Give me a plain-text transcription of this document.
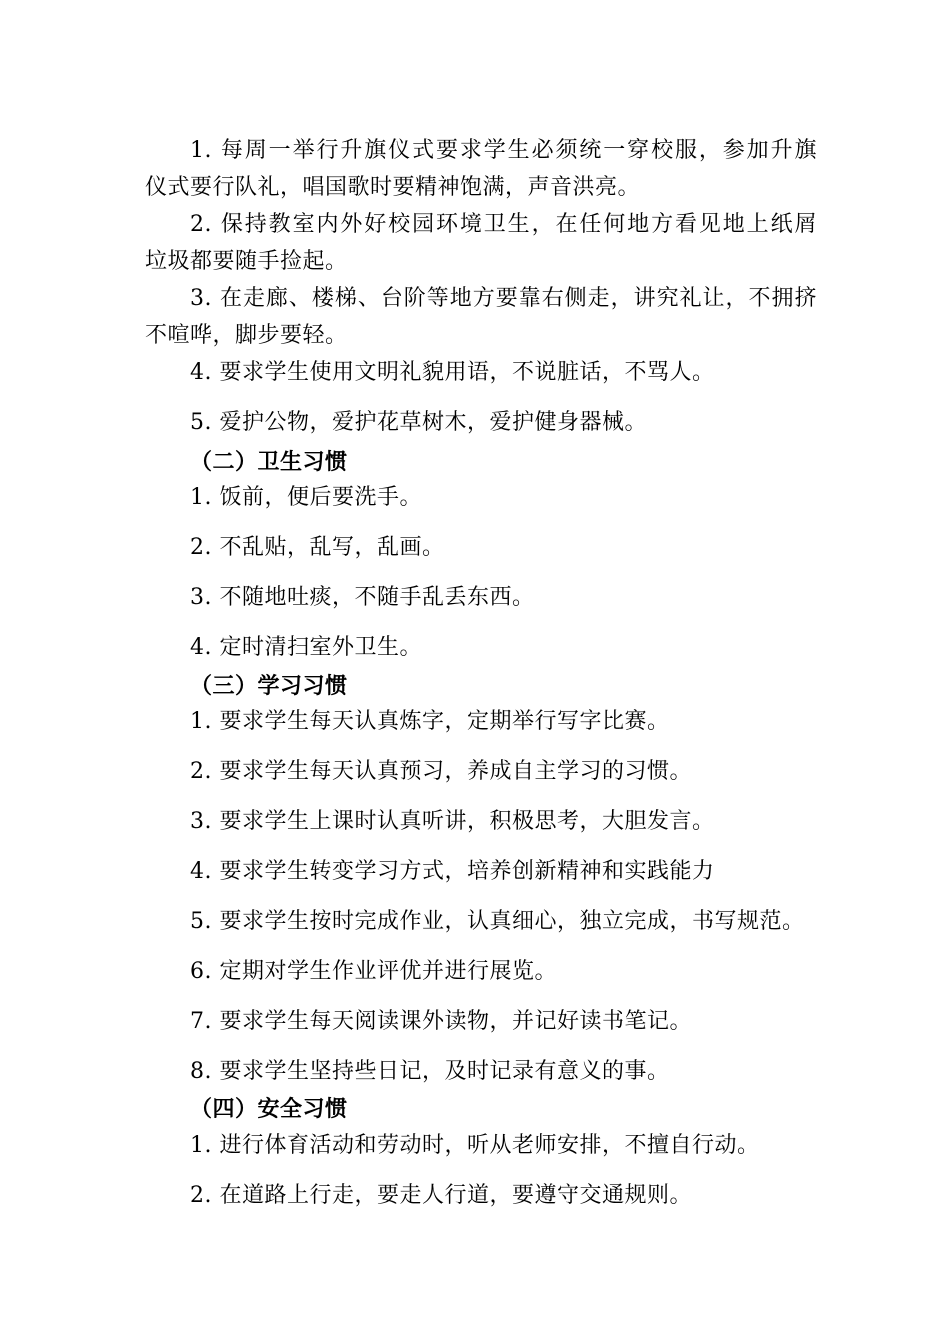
1. 每周一举行升旗仪式要求学生必须统一穿校服，参加升旗
仪式要行队礼，唱国歌时要精神饱满，声音洪亮。
2. 保持教室内外好校园环境卫生，在任何地方看见地上纸屑
垃圾都要随手捡起。
3. 在走廊、楼梯、台阶等地方要靠右侧走，讲究礼让，不拥挤
不喧哗，脚步要轻。
4. 要求学生使用文明礼貌用语，不说脏话，不骂人。
5. 爱护公物，爱护花草树木，爱护健身器械。
（二）卫生习惯
1. 饭前，便后要洗手。
2. 不乱贴，乱写，乱画。
3. 不随地吐痰，不随手乱丢东西。
4. 定时清扫室外卫生。
（三）学习习惯
1. 要求学生每天认真炼字，定期举行写字比赛。
2. 要求学生每天认真预习，养成自主学习的习惯。
3. 要求学生上课时认真听讲，积极思考，大胆发言。
4. 要求学生转变学习方式，培养创新精神和实践能力
5. 要求学生按时完成作业，认真细心，独立完成，书写规范。
6. 定期对学生作业评优并进行展览。
7. 要求学生每天阅读课外读物，并记好读书笔记。
8. 要求学生坚持些日记，及时记录有意义的事。
（四）安全习惯
1. 进行体育活动和劳动时，听从老师安排，不擅自行动。
2. 在道路上行走，要走人行道，要遵守交通规则。
